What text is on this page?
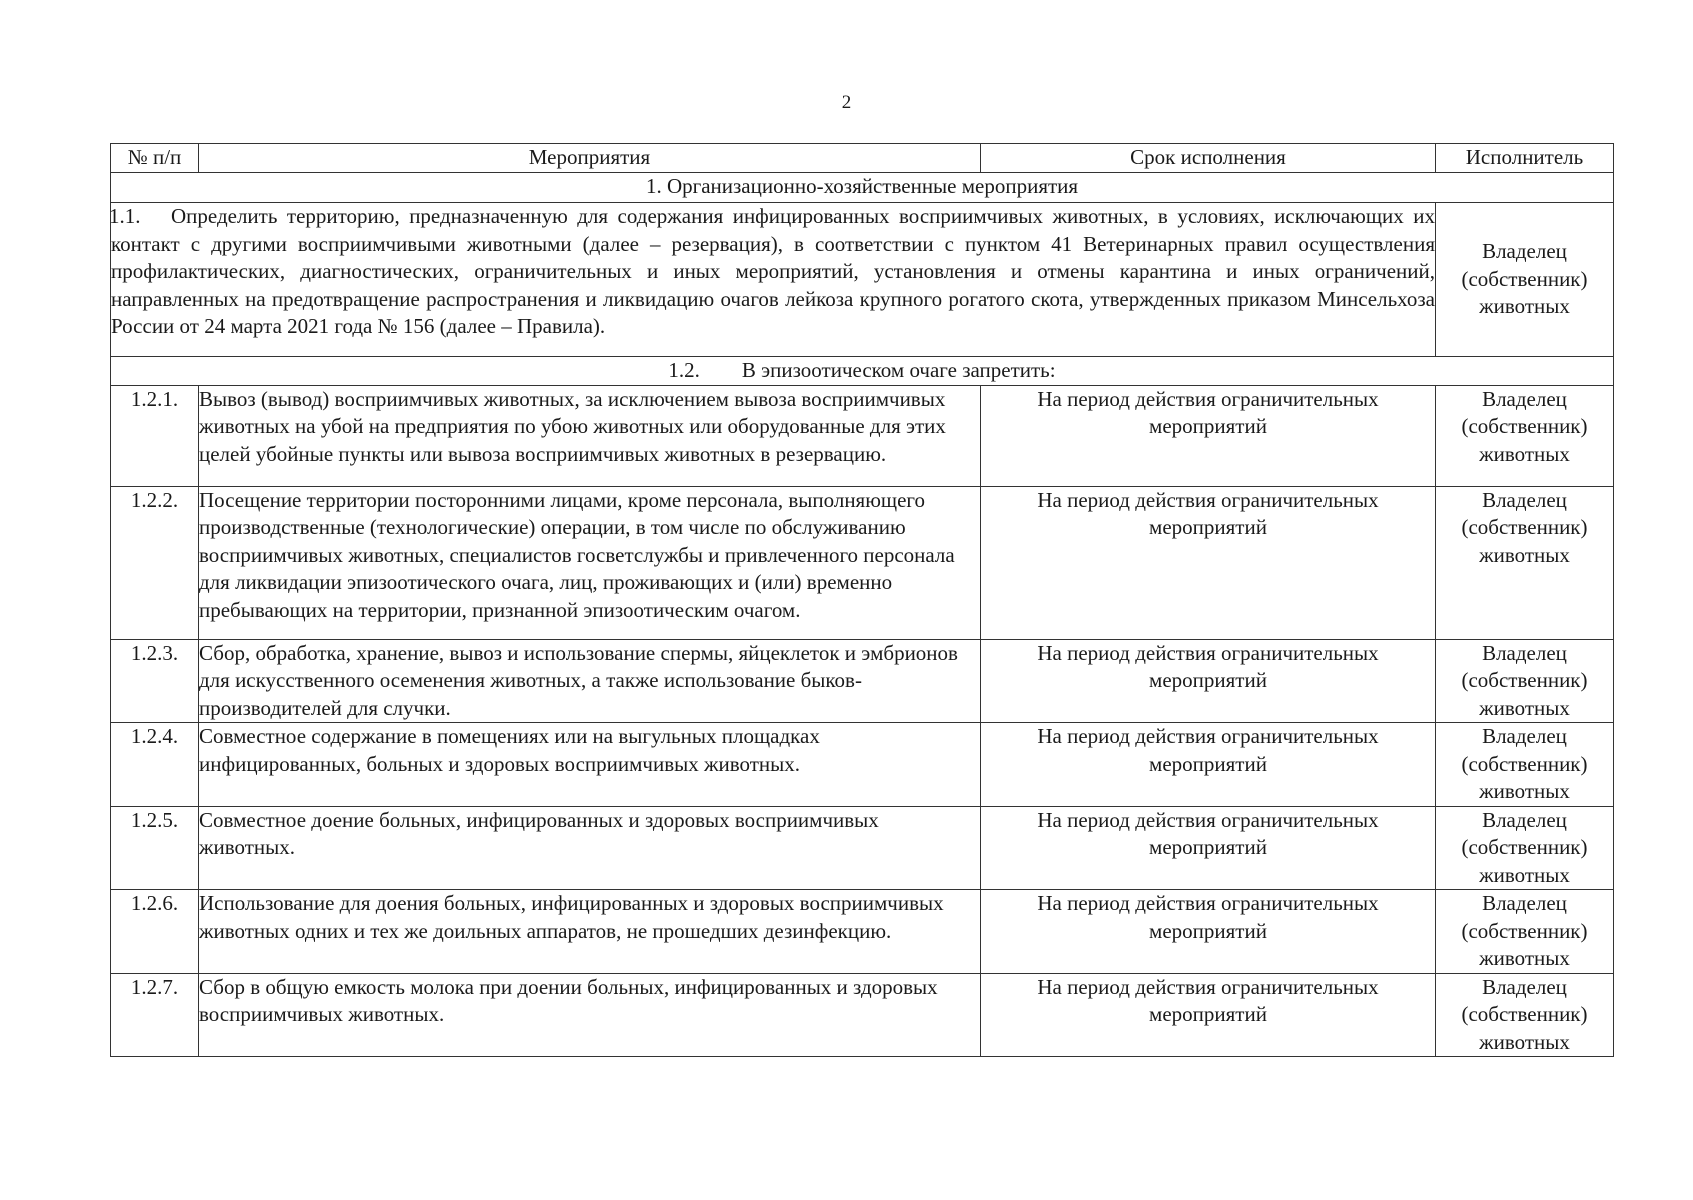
2
№ п/п	Мероприятия	Срок исполнения	Исполнитель
1. Организационно-хозяйственные мероприятия			

1.1. Определить территорию, предназначенную для содержания инфицированных восприимчивых животных, в условиях, исключающих их контакт с другими восприимчивыми животными (далее – резервация), в соответствии с пунктом 41 Ветеринарных правил осуществления профилактических, диагностических, ограничительных и иных мероприятий, установления и отмены карантина и иных ограничений, направленных на предотвращение распространения и ликвидацию очагов лейкоза крупного рогатого скота, утвержденных приказом Минсельхоза России от 24 марта 2021 года № 156 (далее – Правила).			Владелец (собственник) животных
1.2. В эпизоотическом очаге запретить:			
1.2.1.	Вывоз (вывод) восприимчивых животных, за исключением вывоза восприимчивых животных на убой на предприятия по убою животных или оборудованные для этих целей убойные пункты или вывоза восприимчивых животных в резервацию.	На период действия ограничительных мероприятий	Владелец (собственник) животных
1.2.2.	Посещение территории посторонними лицами, кроме персонала, выполняющего производственные (технологические) операции, в том числе по обслуживанию восприимчивых животных, специалистов госветслужбы и привлеченного персонала для ликвидации эпизоотического очага, лиц, проживающих и (или) временно пребывающих на территории, признанной эпизоотическим очагом.	На период действия ограничительных мероприятий	Владелец (собственник) животных
1.2.3.	Сбор, обработка, хранение, вывоз и использование спермы, яйцеклеток и эмбрионов для искусственного осеменения животных, а также использование быков-производителей для случки.	На период действия ограничительных мероприятий	Владелец (собственник) животных
1.2.4.	Совместное содержание в помещениях или на выгульных площадках инфицированных, больных и здоровых восприимчивых животных.	На период действия ограничительных мероприятий	Владелец (собственник) животных
1.2.5.	Совместное доение больных, инфицированных и здоровых восприимчивых животных.	На период действия ограничительных мероприятий	Владелец (собственник) животных
1.2.6.	Использование для доения больных, инфицированных и здоровых восприимчивых животных одних и тех же доильных аппаратов, не прошедших дезинфекцию.	На период действия ограничительных мероприятий	Владелец (собственник) животных
1.2.7.	Сбор в общую емкость молока при доении больных, инфицированных и здоровых восприимчивых животных.	На период действия ограничительных мероприятий	Владелец (собственник) животных
